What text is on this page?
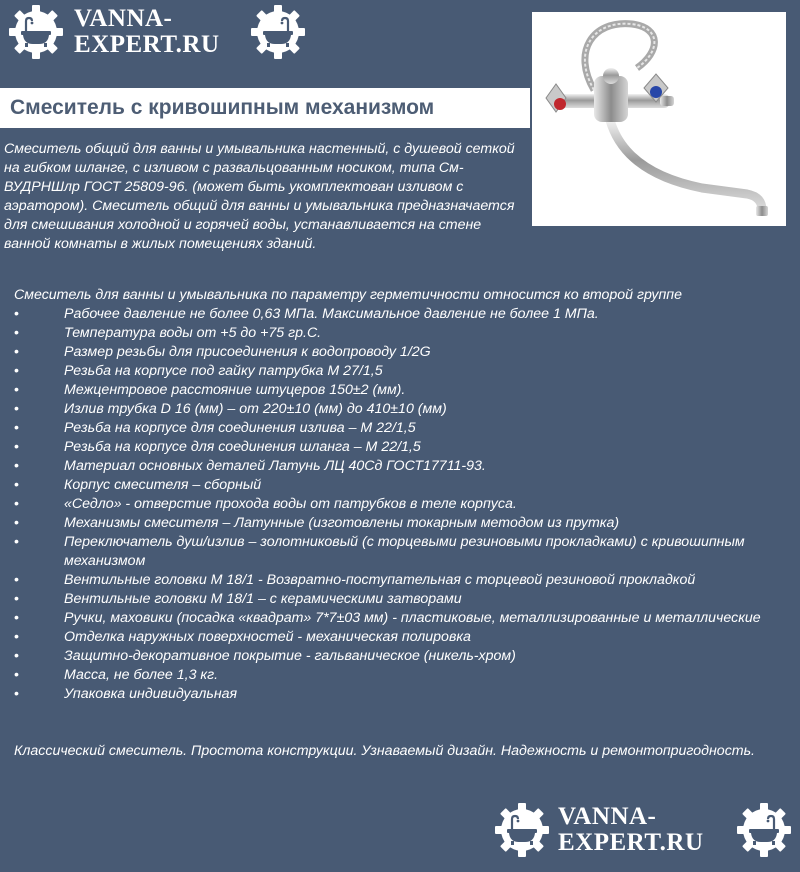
VANNA-
EXPERT.RU
Смеситель с кривошипным механизмом

Смеситель общий для ванны и умывальника настенный, с душевой сеткой на гибком шланге, с изливом с развальцованным носиком, типа См-ВУДРНШлр ГОСТ 25809-96. (может быть укомплектован изливом с аэратором). Смеситель общий для ванны и умывальника предназначается для смешивания холодной и горячей воды, устанавливается на стене ванной комнаты в жилых помещениях зданий.

Смеситель для ванны и умывальника по параметру герметичности относится ко второй группе

•	Рабочее давление не более 0,63 МПа. Максимальное давление не более 1 МПа.
•	Температура воды от +5 до +75 гр.С.
•	Размер резьбы для присоединения к водопроводу 1/2G
•	Резьба на корпусе под гайку патрубка М 27/1,5
•	Межцентровое расстояние штуцеров 150±2 (мм).
•	Излив трубка D 16 (мм) – от 220±10 (мм) до 410±10 (мм)
•	Резьба на корпусе для соединения излива – М 22/1,5
•	Резьба на корпусе для соединения шланга – М 22/1,5
•	Материал основных деталей Латунь ЛЦ 40Сд ГОСТ17711-93.
•	Корпус смесителя – сборный
•	«Седло» - отверстие прохода воды от патрубков в теле корпуса.
•	Механизмы смесителя – Латунные (изготовлены токарным методом из прутка)
•	Переключатель душ/излив – золотниковый (с торцевыми резиновыми прокладками) с кривошипным механизмом
•	Вентильные головки М 18/1 - Возвратно-поступательная с торцевой резиновой прокладкой
•	Вентильные головки М 18/1 – с керамическими затворами
•	Ручки, маховики (посадка «квадрат» 7*7±03 мм) - пластиковые, металлизированные и металлические
•	Отделка наружных поверхностей - механическая полировка
•	Защитно-декоративное покрытие - гальваническое (никель-хром)
•	Масса, не более 1,3 кг.
•	Упаковка индивидуальная

Классический смеситель. Простота конструкции. Узнаваемый дизайн. Надежность и ремонтопригодность.

VANNA-
EXPERT.RU
